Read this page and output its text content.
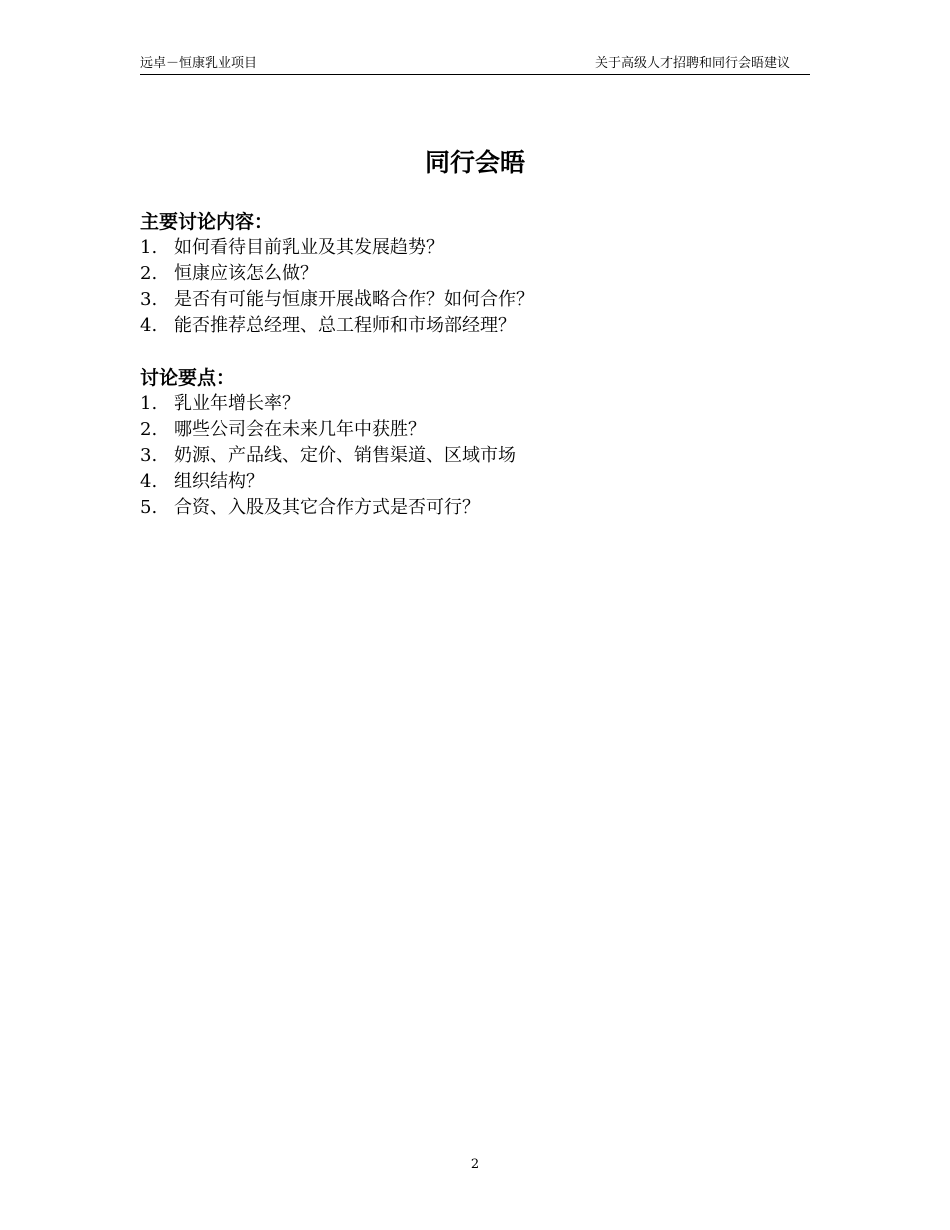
远卓－恒康乳业项目	关于高级人才招聘和同行会晤建议
同行会晤
主要讨论内容：
1. 如何看待目前乳业及其发展趋势？
2. 恒康应该怎么做？
3. 是否有可能与恒康开展战略合作？如何合作？
4. 能否推荐总经理、总工程师和市场部经理？
讨论要点：
1. 乳业年增长率？
2. 哪些公司会在未来几年中获胜？
3. 奶源、产品线、定价、销售渠道、区域市场
4. 组织结构？
5. 合资、入股及其它合作方式是否可行？
2
